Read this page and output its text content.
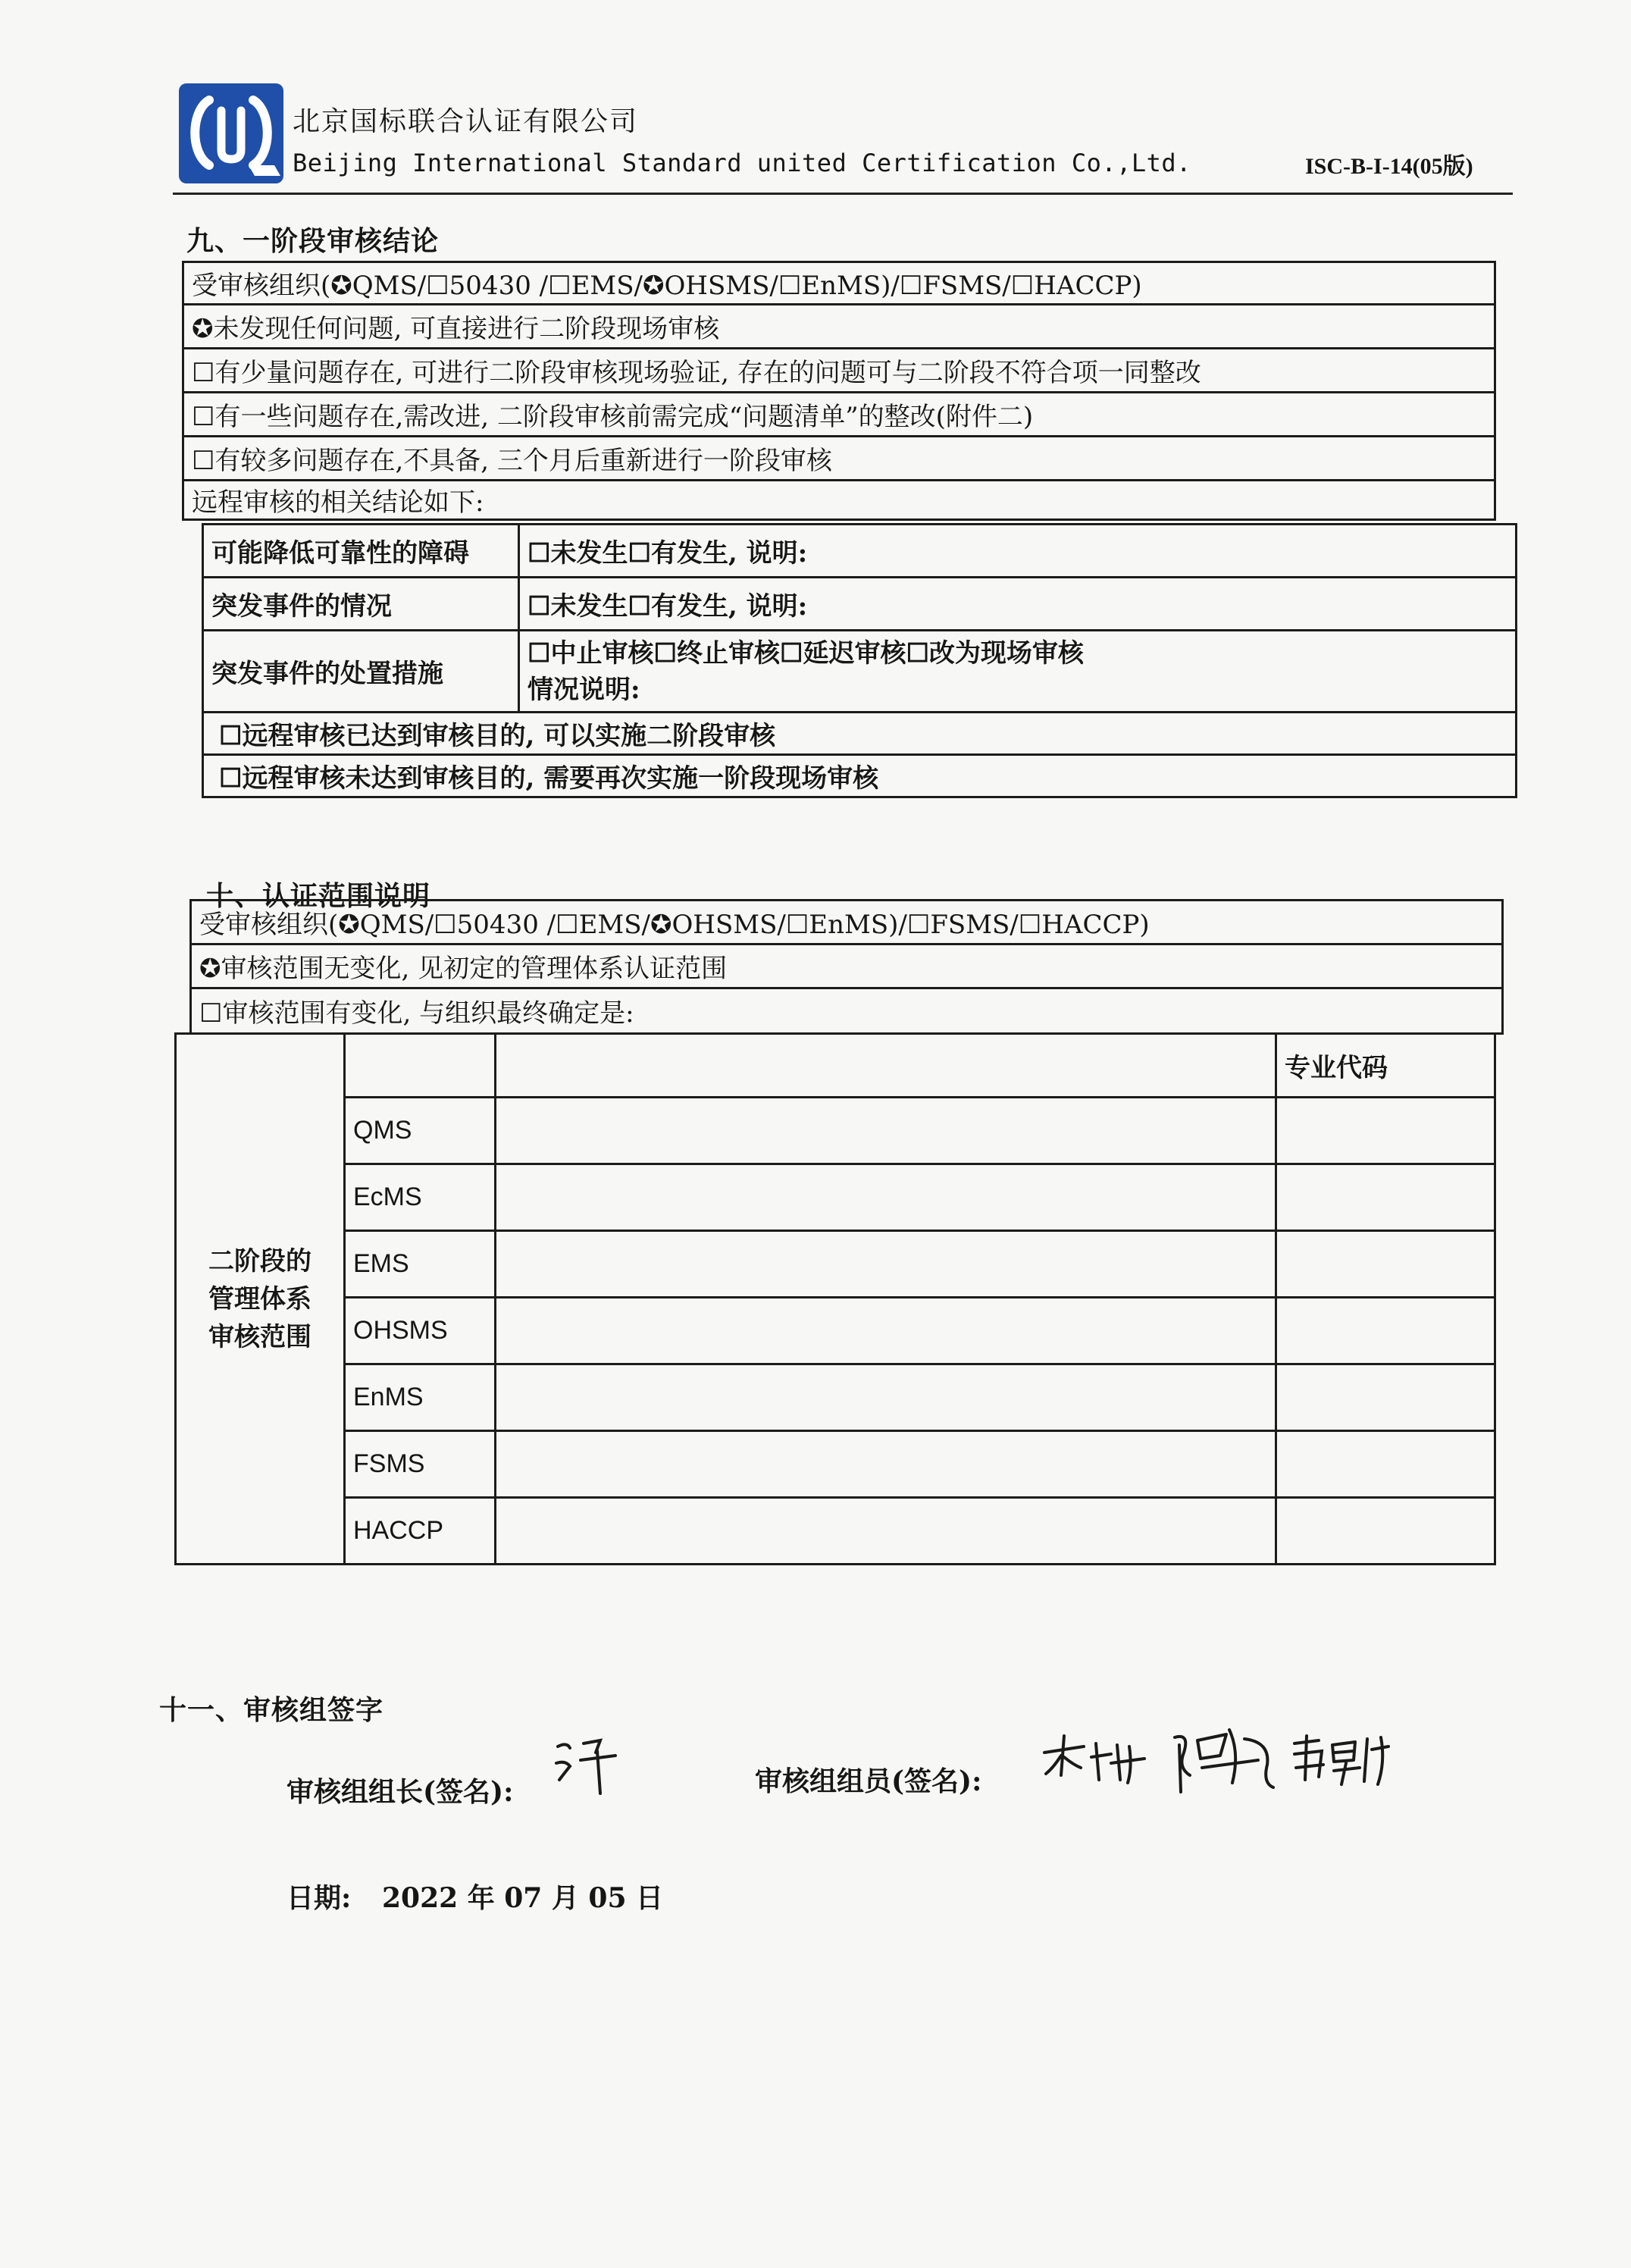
北京国标联合认证有限公司
Beijing International Standard united Certification Co.,Ltd.	ISC-B-I-14(05版)
九、一阶段审核结论
受审核组织(✪QMS/☐50430 /☐EMS/✪OHSMS/☐EnMS)/☐FSMS/☐HACCP)
✪未发现任何问题, 可直接进行二阶段现场审核
☐有少量问题存在, 可进行二阶段审核现场验证, 存在的问题可与二阶段不符合项一同整改
☐有一些问题存在,需改进, 二阶段审核前需完成“问题清单”的整改(附件二)
☐有较多问题存在,不具备, 三个月后重新进行一阶段审核
远程审核的相关结论如下:
可能降低可靠性的障碍	☐未发生☐有发生, 说明:
突发事件的情况	☐未发生☐有发生, 说明:
突发事件的处置措施	☐中止审核☐终止审核☐延迟审核☐改为现场审核
情况说明:

☐远程审核已达到审核目的, 可以实施二阶段审核	
☐远程审核未达到审核目的, 需要再次实施一阶段现场审核	
十、认证范围说明
受审核组织(✪QMS/☐50430 /☐EMS/✪OHSMS/☐EnMS)/☐FSMS/☐HACCP)
✪审核范围无变化, 见初定的管理体系认证范围
☐审核范围有变化, 与组织最终确定是:
二阶段的
管理体系
审核范围			专业代码
	QMS		
	EcMS		
	EMS		
	OHSMS		
	EnMS		
	FSMS		
	HACCP		
十一、审核组签字
审核组组长(签名):	审核组组员(签名):
日期: 2022 年 07 月 05 日
